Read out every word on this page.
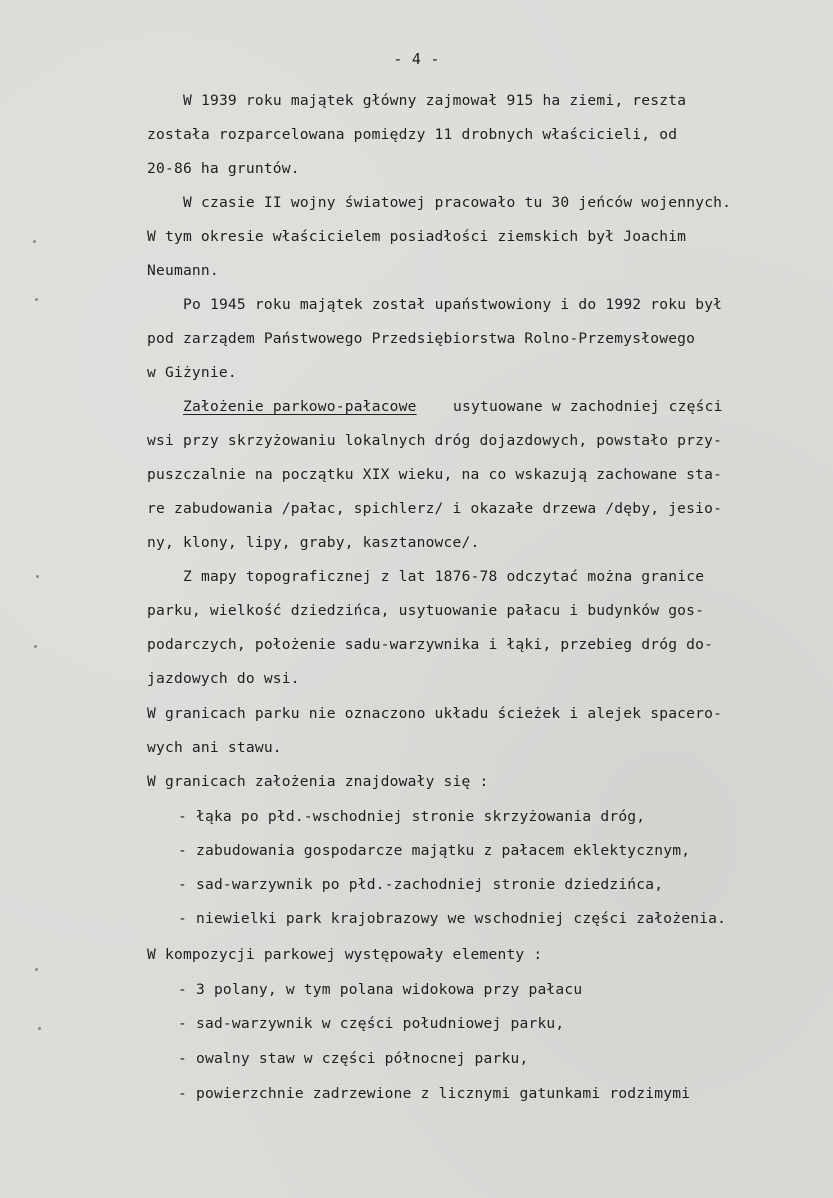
- 4 -
W 1939 roku majątek główny zajmował 915 ha ziemi, reszta
została rozparcelowana pomiędzy 11 drobnych właścicieli, od
20-86 ha gruntów.
W czasie II wojny światowej pracowało tu 30 jeńców wojennych.
W tym okresie właścicielem posiadłości ziemskich był Joachim
Neumann.
Po 1945 roku majątek został upaństwowiony i do 1992 roku był
pod zarządem Państwowego Przedsiębiorstwa Rolno-Przemysłowego
w Giżynie.
Założenie parkowo-pałacowe usytuowane w zachodniej części
wsi przy skrzyżowaniu lokalnych dróg dojazdowych, powstało przy-
puszczalnie na początku XIX wieku, na co wskazują zachowane sta-
re zabudowania /pałac, spichlerz/ i okazałe drzewa /dęby, jesio-
ny, klony, lipy, graby, kasztanowce/.
Z mapy topograficznej z lat 1876-78 odczytać można granice
parku, wielkość dziedzińca, usytuowanie pałacu i budynków gos-
podarczych, położenie sadu-warzywnika i łąki, przebieg dróg do-
jazdowych do wsi.
W granicach parku nie oznaczono układu ścieżek i alejek spacero-
wych ani stawu.
W granicach założenia znajdowały się :
- łąka po płd.-wschodniej stronie skrzyżowania dróg,
- zabudowania gospodarcze majątku z pałacem eklektycznym,
- sad-warzywnik po płd.-zachodniej stronie dziedzińca,
- niewielki park krajobrazowy we wschodniej części założenia.
W kompozycji parkowej występowały elementy :
- 3 polany, w tym polana widokowa przy pałacu
- sad-warzywnik w części południowej parku,
- owalny staw w części północnej parku,
- powierzchnie zadrzewione z licznymi gatunkami rodzimymi
